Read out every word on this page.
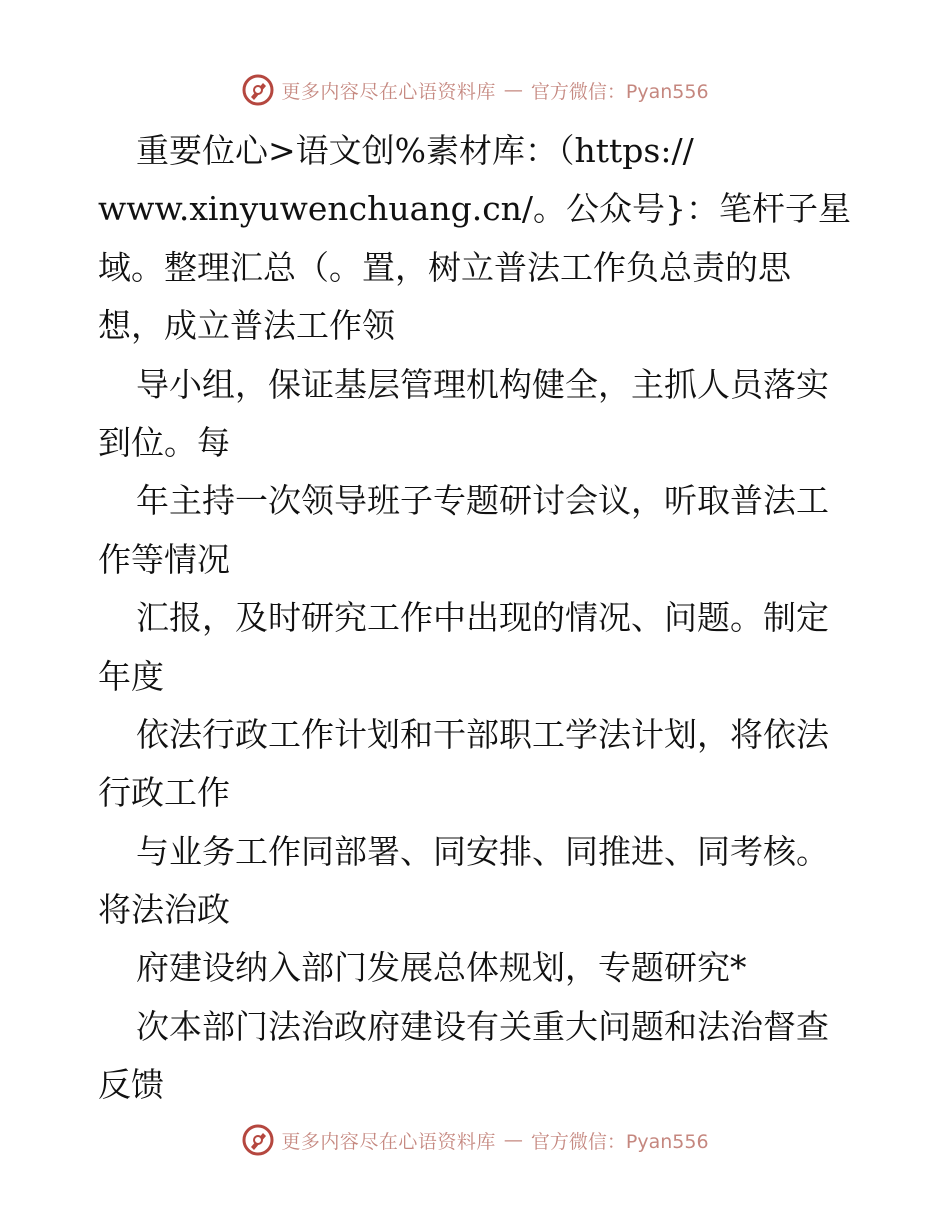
更多内容尽在心语资料库 — 官方微信：Pyan556
重要位心>语文创%素材库：（https://
www.xinyuwenchuang.cn/。公众号}：笔杆子星
域。整理汇总（。置，树立普法工作负总责的思
想，成立普法工作领
导小组，保证基层管理机构健全，主抓人员落实
到位。每
年主持一次领导班子专题研讨会议，听取普法工
作等情况
汇报，及时研究工作中出现的情况、问题。制定
年度
依法行政工作计划和干部职工学法计划，将依法
行政工作
与业务工作同部署、同安排、同推进、同考核。
将法治政
府建设纳入部门发展总体规划，专题研究*
次本部门法治政府建设有关重大问题和法治督查
反馈
更多内容尽在心语资料库 — 官方微信：Pyan556
